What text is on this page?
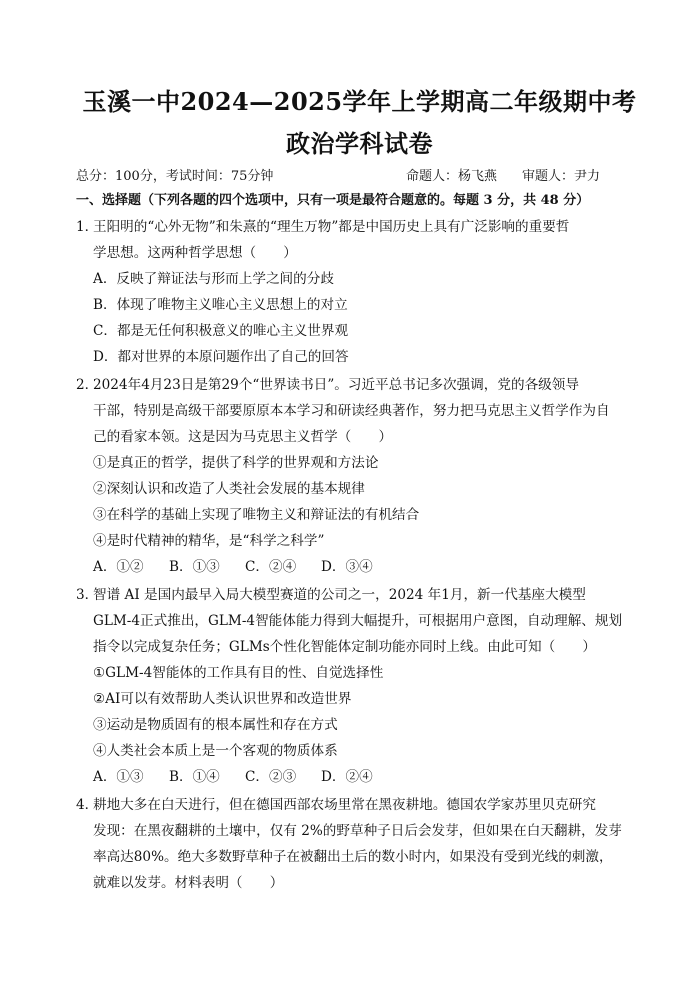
玉溪一中2024—2025学年上学期高二年级期中考
政治学科试卷
总分：100分，考试时间：75分钟	命题人：杨飞燕 审题人：尹力
一、选择题（下列各题的四个选项中，只有一项是最符合题意的。每题 3 分，共 48 分）
1．王阳明的“心外无物”和朱熹的“理生万物”都是中国历史上具有广泛影响的重要哲
学思想。这两种哲学思想（　　）
A．反映了辩证法与形而上学之间的分歧
B．体现了唯物主义唯心主义思想上的对立
C．都是无任何积极意义的唯心主义世界观
D．都对世界的本原问题作出了自己的回答
2．2024年4月23日是第29个“世界读书日”。习近平总书记多次强调，党的各级领导
干部，特别是高级干部要原原本本学习和研读经典著作，努力把马克思主义哲学作为自
己的看家本领。这是因为马克思主义哲学（　　）
①是真正的哲学，提供了科学的世界观和方法论
②深刻认识和改造了人类社会发展的基本规律
③在科学的基础上实现了唯物主义和辩证法的有机结合
④是时代精神的精华，是“科学之科学”
A．①② B．①③ C．②④ D．③④
3．智谱 AI 是国内最早入局大模型赛道的公司之一，2024 年1月，新一代基座大模型
GLM-4正式推出，GLM-4智能体能力得到大幅提升，可根据用户意图，自动理解、规划
指令以完成复杂任务；GLMs个性化智能体定制功能亦同时上线。由此可知（　　）
①GLM-4智能体的工作具有目的性、自觉选择性
②AI可以有效帮助人类认识世界和改造世界
③运动是物质固有的根本属性和存在方式
④人类社会本质上是一个客观的物质体系
A．①③ B．①④ C．②③ D．②④
4．耕地大多在白天进行，但在德国西部农场里常在黑夜耕地。德国农学家苏里贝克研究
发现：在黑夜翻耕的土壤中，仅有 2%的野草种子日后会发芽，但如果在白天翻耕，发芽
率高达80%。绝大多数野草种子在被翻出土后的数小时内，如果没有受到光线的刺激，
就难以发芽。材料表明（　　）
